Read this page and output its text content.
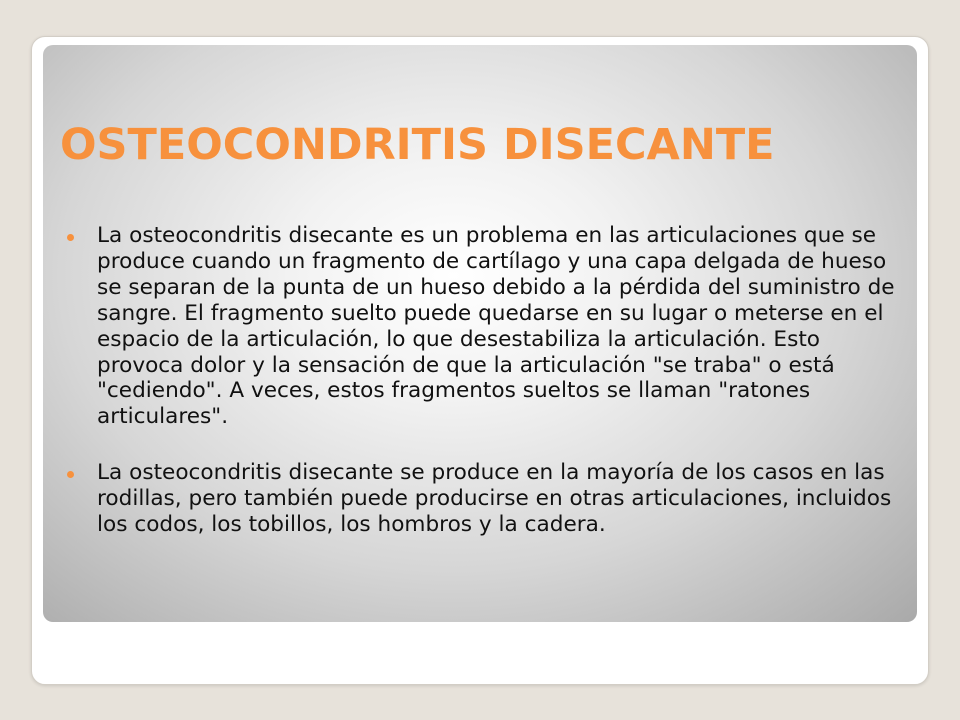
OSTEOCONDRITIS DISECANTE
La osteocondritis disecante es un problema en las articulaciones que se produce cuando un fragmento de cartílago y una capa delgada de hueso se separan de la punta de un hueso debido a la pérdida del suministro de sangre. El fragmento suelto puede quedarse en su lugar o meterse en el espacio de la articulación, lo que desestabiliza la articulación. Esto provoca dolor y la sensación de que la articulación "se traba" o está "cediendo". A veces, estos fragmentos sueltos se llaman "ratones articulares".
La osteocondritis disecante se produce en la mayoría de los casos en las rodillas, pero también puede producirse en otras articulaciones, incluidos los codos, los tobillos, los hombros y la cadera.
